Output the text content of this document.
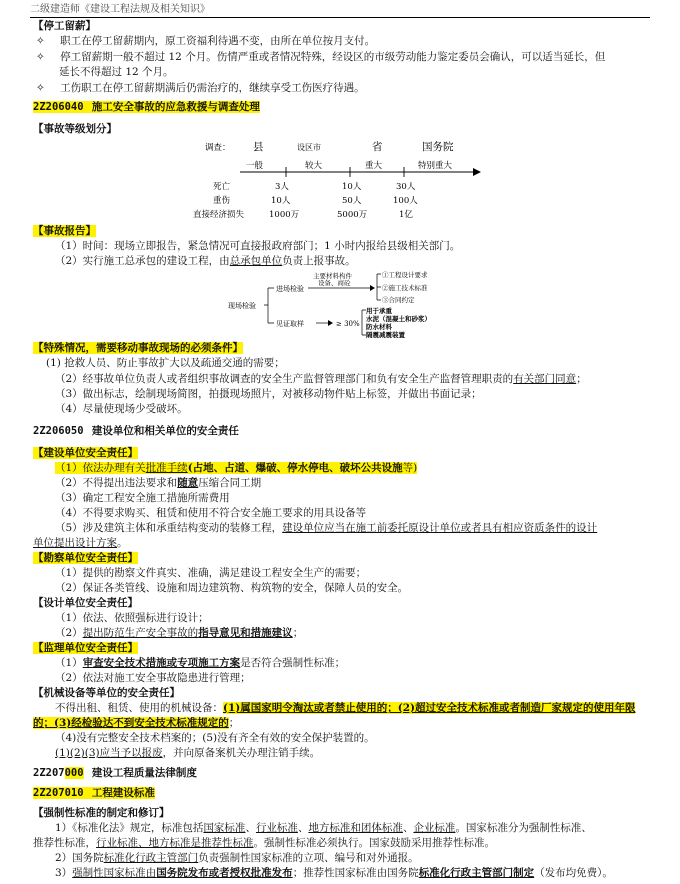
二级建造师《建设工程法规及相关知识》
【停工留薪】
✧ 职工在停工留薪期内，原工资福利待遇不变，由所在单位按月支付。
✧ 停工留薪期一般不超过 12 个月。伤情严重或者情况特殊，经设区的市级劳动能力鉴定委员会确认，可以适当延长，但
延长不得超过 12 个月。
✧ 工伤职工在停工留薪期满后仍需治疗的，继续享受工伤医疗待遇。
2Z206040 施工安全事故的应急救援与调查处理
【事故等级划分】
调查： 县	设区市	省	国务院
一般	较大	重大	特别重大
死亡	3人	10人	30人
重伤	10人	50人	100人
直接经济损失	1000万	5000万	1亿
【事故报告】
（1）时间：现场立即报告，紧急情况可直接报政府部门；1 小时内报给县级相关部门。
（2）实行施工总承包的建设工程，由总承包单位负责上报事故。
现场检验
进场检验
见证取样
主要材料构件
设备、商砼
①工程设计要求
②施工技术标准
③合同约定
≥ 30%
用于承重
水泥（混凝土和砂浆）
防水材料
隔震减震装置
【特殊情况，需要移动事故现场的必须条件】
(1) 抢救人员、防止事故扩大以及疏通交通的需要；
（2）经事故单位负责人或者组织事故调查的安全生产监督管理部门和负有安全生产监督管理职责的有关部门同意；
（3）做出标志，绘制现场简图，拍摄现场照片，对被移动物件贴上标签，并做出书面记录；
（4）尽量使现场少受破坏。
2Z206050 建设单位和相关单位的安全责任
【建设单位安全责任】
（1）依法办理有关批准手续(占地、占道、爆破、停水停电、破坏公共设施等)
（2）不得提出违法要求和随意压缩合同工期
（3）确定工程安全施工措施所需费用
（4）不得要求购买、租赁和使用不符合安全施工要求的用具设备等
（5）涉及建筑主体和承重结构变动的装修工程，建设单位应当在施工前委托原设计单位或者具有相应资质条件的设计
单位提出设计方案。
【勘察单位安全责任】
（1）提供的勘察文件真实、准确，满足建设工程安全生产的需要；
（2）保证各类管线、设施和周边建筑物、构筑物的安全，保障人员的安全。
【设计单位安全责任】
（1）依法、依照强标进行设计；
（2）提出防范生产安全事故的指导意见和措施建议；
【监理单位安全责任】
（1）审查安全技术措施或专项施工方案是否符合强制性标准；
（2）依法对施工安全事故隐患进行管理；
【机械设备等单位的安全责任】
不得出租、租赁、使用的机械设备：(1)属国家明令淘汰或者禁止使用的；(2)超过安全技术标准或者制造厂家规定的使用年限
的；(3)经检验达不到安全技术标准规定的；
（4)没有完整安全技术档案的；(5)没有齐全有效的安全保护装置的。
(1)(2)(3)应当予以报废，并向原备案机关办理注销手续。
2Z207000 建设工程质量法律制度
2Z207010 工程建设标准
【强制性标准的制定和修订】
1）《标准化法》规定，标准包括国家标准、行业标准、地方标准和团体标准、企业标准。国家标准分为强制性标准、
推荐性标准，行业标准、地方标准是推荐性标准。强制性标准必须执行。国家鼓励采用推荐性标准。
2）国务院标准化行政主管部门负责强制性国家标准的立项、编号和对外通报。
3）强制性国家标准由国务院发布或者授权批准发布；推荐性国家标准由国务院标准化行政主管部门制定（发布均免费）。
